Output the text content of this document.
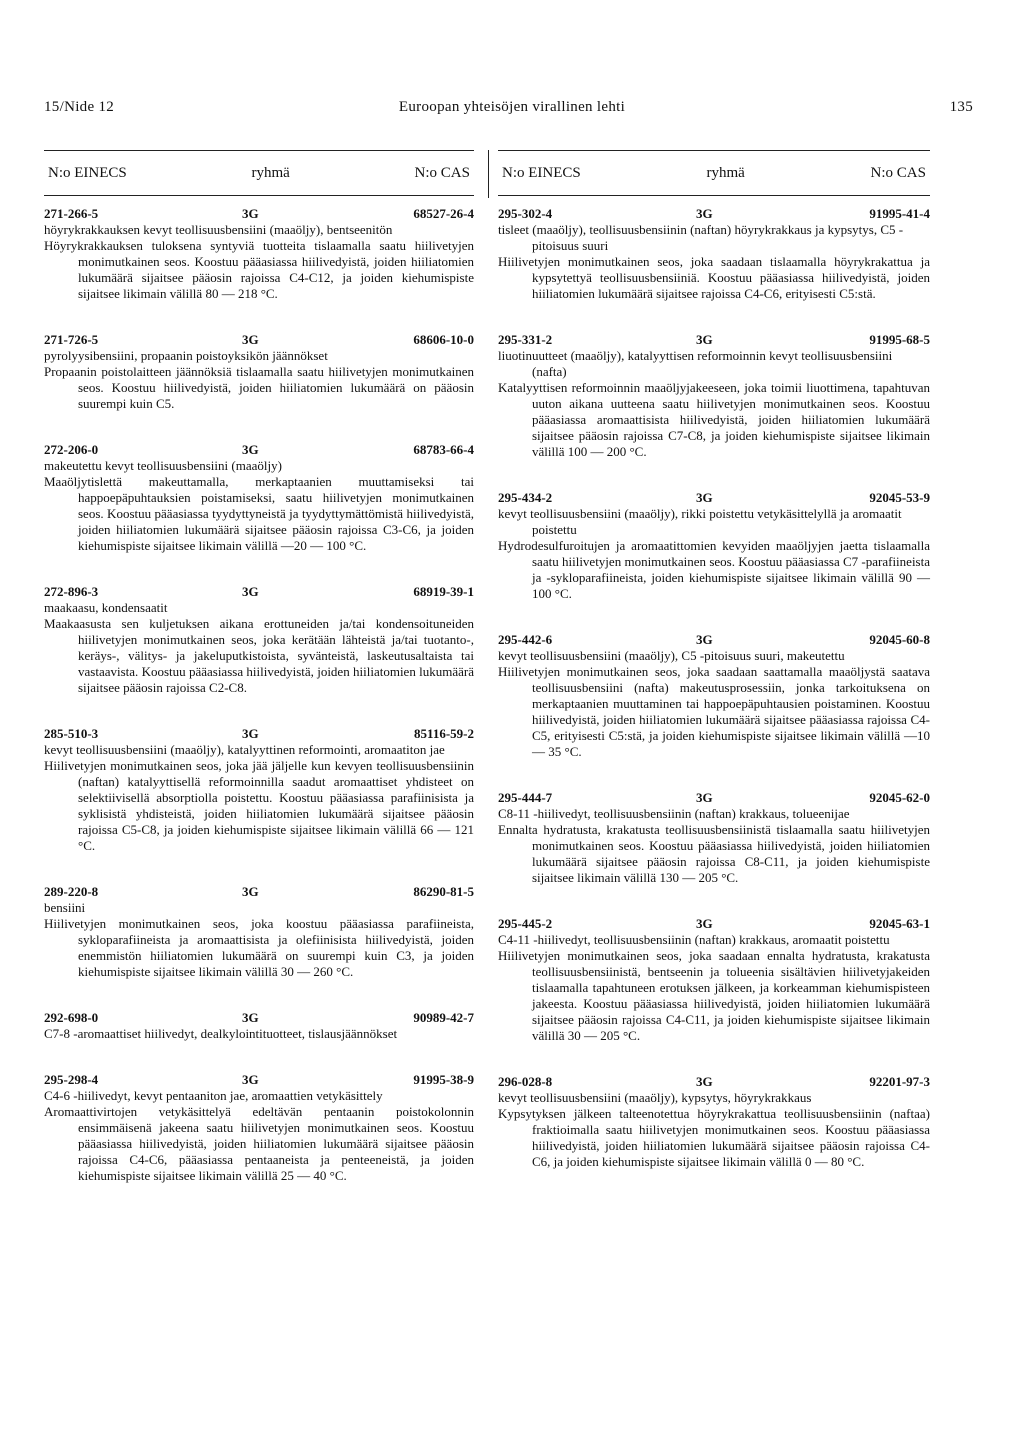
15/Nide 12	Euroopan yhteisöjen virallinen lehti	135
N:o EINECS	ryhmä	N:o CAS
271-266-5	3G	68527-26-4
höyrykrakkauksen kevyt teollisuusbensiini (maaöljy), bentseenitön
Höyrykrakkauksen tuloksena syntyviä tuotteita tislaamalla saatu hiilivetyjen monimutkainen seos. Koostuu pääasiassa hiilivedyistä, joiden hiiliatomien lukumäärä sijaitsee pääosin rajoissa C4-C12, ja joiden kiehumispiste sijaitsee likimain välillä 80 — 218 °C.
271-726-5	3G	68606-10-0
pyrolyysibensiini, propaanin poistoyksikön jäännökset
Propaanin poistolaitteen jäännöksiä tislaamalla saatu hiilivetyjen monimutkainen seos. Koostuu hiilivedyistä, joiden hiiliatomien lukumäärä on pääosin suurempi kuin C5.
272-206-0	3G	68783-66-4
makeutettu kevyt teollisuusbensiini (maaöljy)
Maaöljytislettä makeuttamalla, merkaptaanien muuttamiseksi tai happoepäpuhtauksien poistamiseksi, saatu hiilivetyjen monimutkainen seos. Koostuu pääasiassa tyydyttyneistä ja tyydyttymättömistä hiilivedyistä, joiden hiiliatomien lukumäärä sijaitsee pääosin rajoissa C3-C6, ja joiden kiehumispiste sijaitsee likimain välillä —20 — 100 °C.
272-896-3	3G	68919-39-1
maakaasu, kondensaatit
Maakaasusta sen kuljetuksen aikana erottuneiden ja/tai kondensoituneiden hiilivetyjen monimutkainen seos, joka kerätään lähteistä ja/tai tuotanto-, keräys-, välitys- ja jakeluputkistoista, syvänteistä, laskeutusaltaista tai vastaavista. Koostuu pääasiassa hiilivedyistä, joiden hiiliatomien lukumäärä sijaitsee pääosin rajoissa C2-C8.
285-510-3	3G	85116-59-2
kevyt teollisuusbensiini (maaöljy), katalyyttinen reformointi, aromaatiton jae
Hiilivetyjen monimutkainen seos, joka jää jäljelle kun kevyen teollisuusbensiinin (naftan) katalyyttisellä reformoinnilla saadut aromaattiset yhdisteet on selektiivisellä absorptiolla poistettu. Koostuu pääasiassa parafiinisista ja syklisistä yhdisteistä, joiden hiiliatomien lukumäärä sijaitsee pääosin rajoissa C5-C8, ja joiden kiehumispiste sijaitsee likimain välillä 66 — 121 °C.
289-220-8	3G	86290-81-5
bensiini
Hiilivetyjen monimutkainen seos, joka koostuu pääasiassa parafiineista, sykloparafiineista ja aromaattisista ja olefiinisista hiilivedyistä, joiden enemmistön hiiliatomien lukumäärä on suurempi kuin C3, ja joiden kiehumispiste sijaitsee likimain välillä 30 — 260 °C.
292-698-0	3G	90989-42-7
C7-8 -aromaattiset hiilivedyt, dealkylointituotteet, tislausjäännökset
295-298-4	3G	91995-38-9
C4-6 -hiilivedyt, kevyt pentaaniton jae, aromaattien vetykäsittely
Aromaattivirtojen vetykäsittelyä edeltävän pentaanin poistokolonnin ensimmäisenä jakeena saatu hiilivetyjen monimutkainen seos. Koostuu pääasiassa hiilivedyistä, joiden hiiliatomien lukumäärä sijaitsee pääosin rajoissa C4-C6, pääasiassa pentaaneista ja penteeneistä, ja joiden kiehumispiste sijaitsee likimain välillä 25 — 40 °C.
N:o EINECS	ryhmä	N:o CAS
295-302-4	3G	91995-41-4
tisleet (maaöljy), teollisuusbensiinin (naftan) höyrykrakkaus ja kypsytys, C5 -pitoisuus suuri
Hiilivetyjen monimutkainen seos, joka saadaan tislaamalla höyrykrakattua ja kypsytettyä teollisuusbensiiniä. Koostuu pääasiassa hiilivedyistä, joiden hiiliatomien lukumäärä sijaitsee rajoissa C4-C6, erityisesti C5:stä.
295-331-2	3G	91995-68-5
liuotinuutteet (maaöljy), katalyyttisen reformoinnin kevyt teollisuusbensiini (nafta)
Katalyyttisen reformoinnin maaöljyjakeeseen, joka toimii liuottimena, tapahtuvan uuton aikana uutteena saatu hiilivetyjen monimutkainen seos. Koostuu pääasiassa aromaattisista hiilivedyistä, joiden hiiliatomien lukumäärä sijaitsee pääosin rajoissa C7-C8, ja joiden kiehumispiste sijaitsee likimain välillä 100 — 200 °C.
295-434-2	3G	92045-53-9
kevyt teollisuusbensiini (maaöljy), rikki poistettu vetykäsittelyllä ja aromaatit poistettu
Hydrodesulfuroitujen ja aromaatittomien kevyiden maaöljyjen jaetta tislaamalla saatu hiilivetyjen monimutkainen seos. Koostuu pääasiassa C7 -parafiineista ja -sykloparafiineista, joiden kiehumispiste sijaitsee likimain välillä 90 — 100 °C.
295-442-6	3G	92045-60-8
kevyt teollisuusbensiini (maaöljy), C5 -pitoisuus suuri, makeutettu
Hiilivetyjen monimutkainen seos, joka saadaan saattamalla maaöljystä saatava teollisuusbensiini (nafta) makeutusprosessiin, jonka tarkoituksena on merkaptaanien muuttaminen tai happoepäpuhtausien poistaminen. Koostuu hiilivedyistä, joiden hiiliatomien lukumäärä sijaitsee pääasiassa rajoissa C4-C5, erityisesti C5:stä, ja joiden kiehumispiste sijaitsee likimain välillä —10 — 35 °C.
295-444-7	3G	92045-62-0
C8-11 -hiilivedyt, teollisuusbensiinin (naftan) krakkaus, tolueenijae
Ennalta hydratusta, krakatusta teollisuusbensiinistä tislaamalla saatu hiilivetyjen monimutkainen seos. Koostuu pääasiassa hiilivedyistä, joiden hiiliatomien lukumäärä sijaitsee pääosin rajoissa C8-C11, ja joiden kiehumispiste sijaitsee likimain välillä 130 — 205 °C.
295-445-2	3G	92045-63-1
C4-11 -hiilivedyt, teollisuusbensiinin (naftan) krakkaus, aromaatit poistettu
Hiilivetyjen monimutkainen seos, joka saadaan ennalta hydratusta, krakatusta teollisuusbensiinistä, bentseenin ja tolueenia sisältävien hiilivetyjakeiden tislaamalla tapahtuneen erotuksen jälkeen, ja korkeamman kiehumispisteen jakeesta. Koostuu pääasiassa hiilivedyistä, joiden hiiliatomien lukumäärä sijaitsee pääosin rajoissa C4-C11, ja joiden kiehumispiste sijaitsee likimain välillä 30 — 205 °C.
296-028-8	3G	92201-97-3
kevyt teollisuusbensiini (maaöljy), kypsytys, höyrykrakkaus
Kypsytyksen jälkeen talteenotettua höyrykrakattua teollisuusbensiinin (naftaa) fraktioimalla saatu hiilivetyjen monimutkainen seos. Koostuu pääasiassa hiilivedyistä, joiden hiiliatomien lukumäärä sijaitsee pääosin rajoissa C4-C6, ja joiden kiehumispiste sijaitsee likimain välillä 0 — 80 °C.
